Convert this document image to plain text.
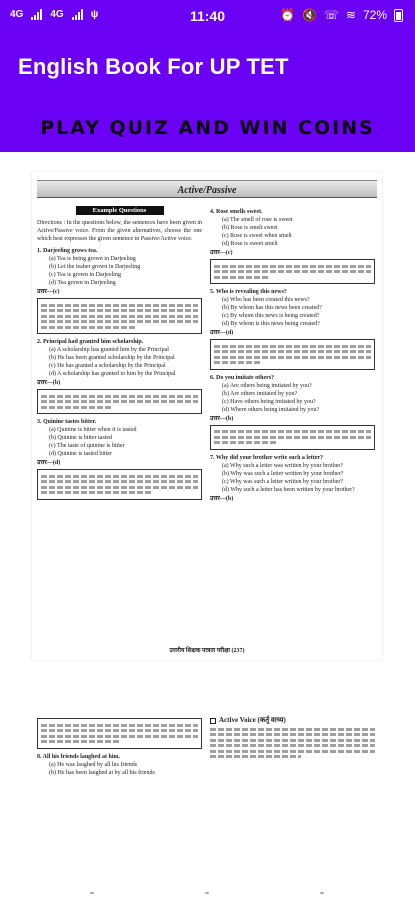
4G	4G	ψ	11:40	⏰ 🔇 ☏ ≋ 72%
English Book For UP TET
PLAY QUIZ AND WIN COINS
Active/Passive
Example Questions
Directions : In the questions below, the sentences have been given in Active/Passive voice. From the given alternatives, choose the one which best expresses the given sentence in Passive/Active voice.
1. Darjeeling grows tea.
(a) Tea is being grown in Darjeeling
(b) Let the teaber grown in Darjeeling
(c) Tea is grown in Darjeeling
(d) Tea grown in Darjeeling
उत्तर—(c)
2. Principal had granted him scholarship.
(a) A scholarship has granted him by the Principal
(b) He has been granted scholarship by the Principal
(c) He has granted a scholarship by the Principal
(d) A scholarship has granted to him by the Principal
उत्तर—(b)
3. Quinine tastes bitter.
(a) Quinine is bitter when it is tasted
(b) Quinine is bitter tasted
(c) The taste of quinine is bitter
(d) Quinine is tasted bitter
उत्तर—(d)
4. Rose smells sweet.
(a) The smell of rose is sweet
(b) Rose is smelt sweet
(c) Rose is sweet when smelt
(d) Rose is sweet smelt
उत्तर—(c)
5. Who is revealing this news?
(a) Who has been created this news?
(b) By whom has this news been created?
(c) By whom this news is being created?
(d) By whom is this news being created?
उत्तर—(d)
6. Do you imitate others?
(a) Are others being imitated by you?
(b) Are others imitated by you?
(c) Have others being imitated by you?
(d) Where others being imitated by you?
उत्तर—(b)
7. Why did your brother write such a letter?
(a) Why such a letter was written by your brother?
(b) Why was such a letter written by your brother?
(c) Why was such a letter written by your brother?
(d) Why such a letter has been written by your brother?
उत्तर—(b)
उत्तरीय शिक्षक पात्रता परीक्षा (237)
8. All his friends laughed at him.
(a) He was laughed by all his friends
(b) He has been laughed at by all his friends
Active Voice (कर्तृ वाच्य)
